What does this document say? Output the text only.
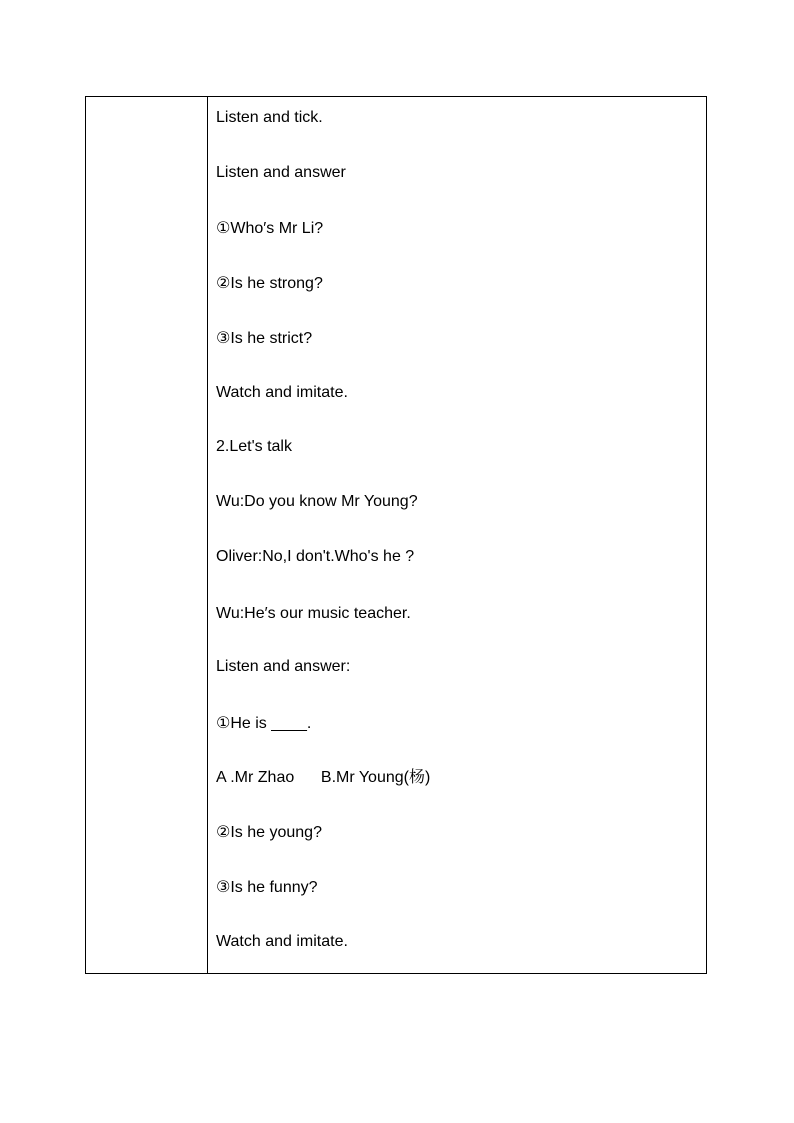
Listen and tick.

Listen and answer

①Who′s Mr Li?

②Is he strong?

③Is he strict?

Watch and imitate.

2.Let's talk

Wu:Do you know Mr Young?

Oliver:No,I don't.Who's he ?

Wu:He′s our music teacher.

Listen and answer:

①He is ____.

A .Mr Zhao      B.Mr Young(杨)

②Is he young?

③Is he funny?

Watch and imitate.
